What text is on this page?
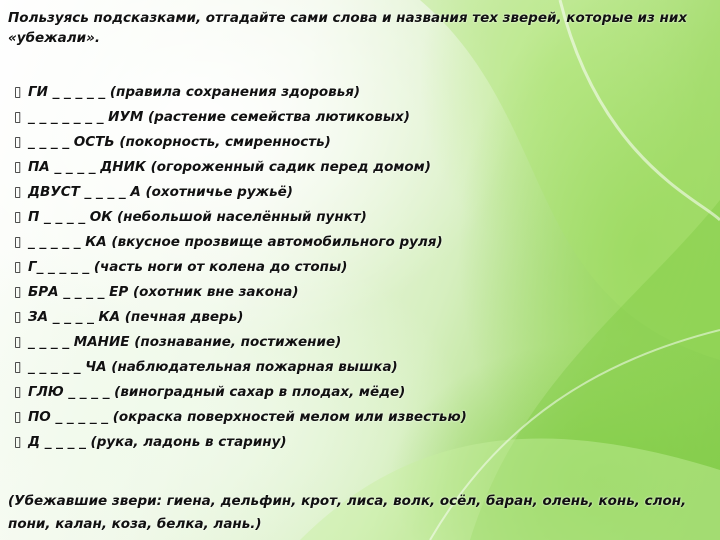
Пользуясь подсказками, отгадайте сами слова и названия тех зверей, которые из них «убежали».

▯ ГИ _ _ _ _ _ (правила сохранения здоровья)
▯ _ _ _ _ _ _ _ ИУМ (растение семейства лютиковых)
▯ _ _ _ _ ОСТЬ (покорность, смиренность)
▯ ПА _ _ _ _ ДНИК (огороженный садик перед домом)
▯ ДВУСТ _ _ _ _ А (охотничье ружьё)
▯ П _ _ _ _ ОК (небольшой населённый пункт)
▯ _ _ _ _ _ КА (вкусное прозвище автомобильного руля)
▯ Г_ _ _ _ _ (часть ноги от колена до стопы)
▯ БРА _ _ _ _ ЕР (охотник вне закона)
▯ ЗА _ _ _ _ КА (печная дверь)
▯ _ _ _ _ МАНИЕ (познавание, постижение)
▯ _ _ _ _ _ ЧА (наблюдательная пожарная вышка)
▯ ГЛЮ _ _ _ _ (виноградный сахар в плодах, мёде)
▯ ПО _ _ _ _ _ (окраска поверхностей мелом или известью)
▯ Д _ _ _ _ (рука, ладонь в старину)

(Убежавшие звери: гиена, дельфин, крот, лиса, волк, осёл, баран, олень, конь, слон, пони, калан, коза, белка, лань.)
